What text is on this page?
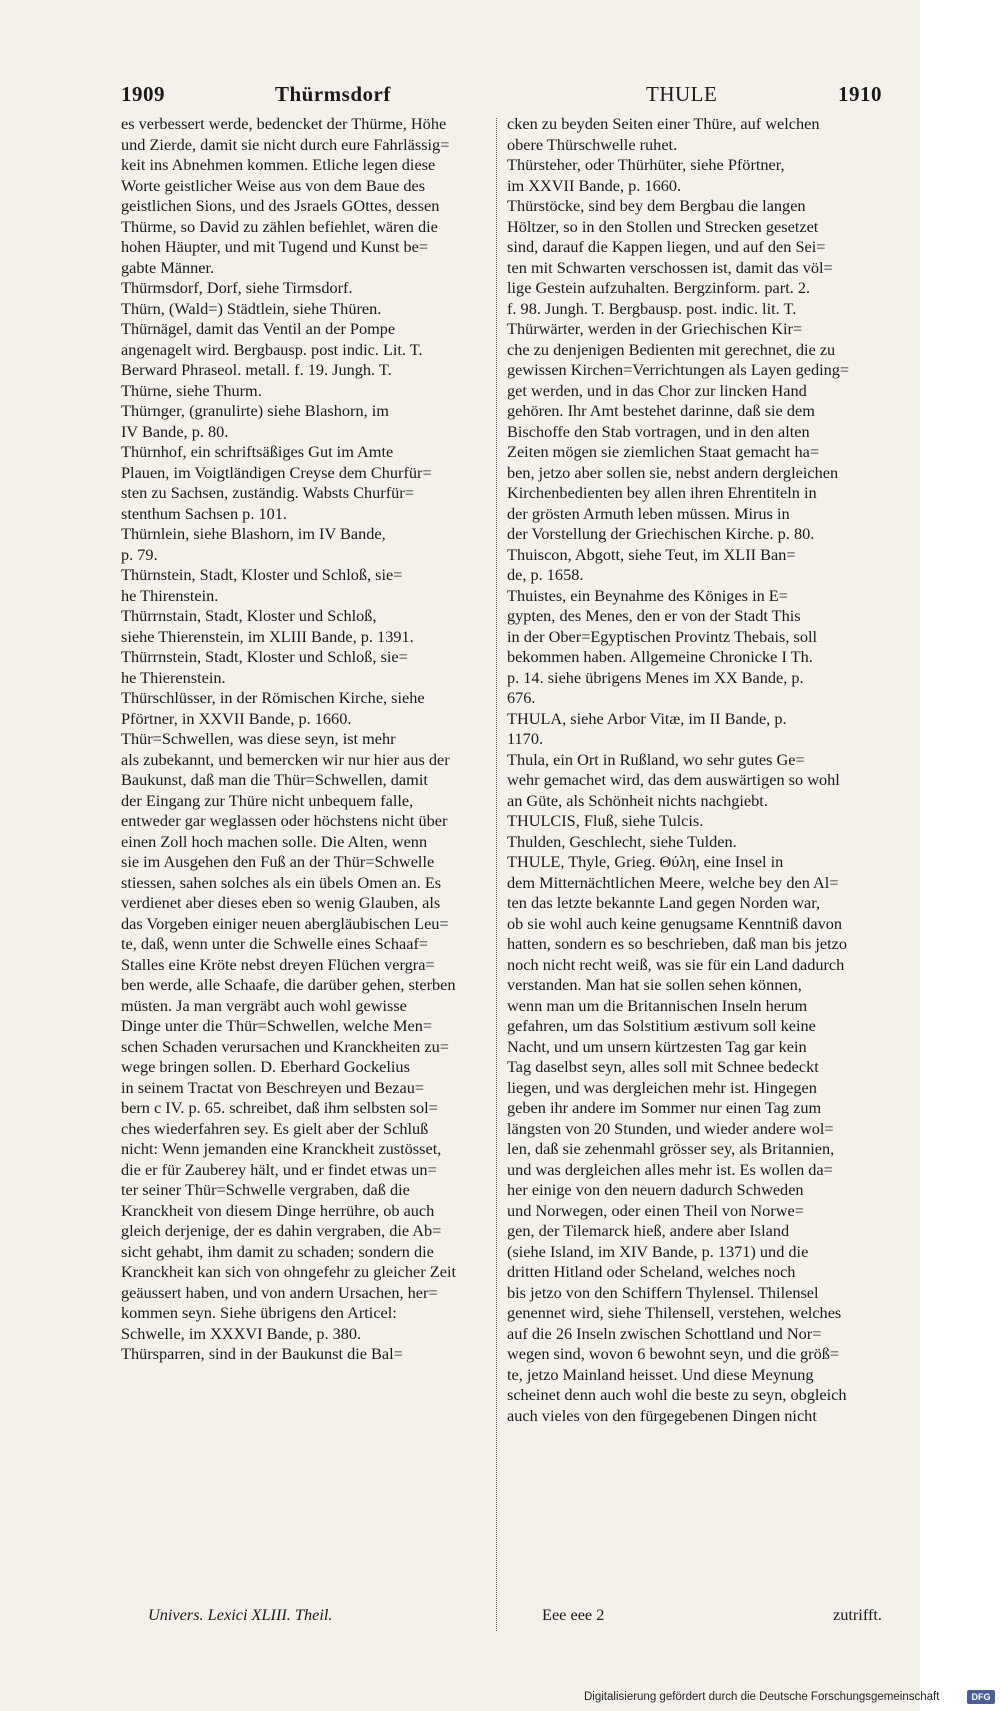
1909	Thürmsdorf	THULE	1910
es verbessert werde, bedencket der Thürme, Höhe
und Zierde, damit sie nicht durch eure Fahrlässig=
keit ins Abnehmen kommen. Etliche legen diese
Worte geistlicher Weise aus von dem Baue des
geistlichen Sions, und des Jsraels GOttes, dessen
Thürme, so David zu zählen befiehlet, wären die
hohen Häupter, und mit Tugend und Kunst be=
gabte Männer.
Thürmsdorf, Dorf, siehe Tirmsdorf.
Thürn, (Wald=) Städtlein, siehe Thüren.
Thürnägel, damit das Ventil an der Pompe
angenagelt wird. Bergbausp. post indic. Lit. T.
Berward Phraseol. metall. f. 19. Jungh. T.
Thürne, siehe Thurm.
Thürnger, (granulirte) siehe Blashorn, im
IV Bande, p. 80.
Thürnhof, ein schriftsäßiges Gut im Amte
Plauen, im Voigtländigen Creyse dem Churfür=
sten zu Sachsen, zuständig. Wabsts Churfür=
stenthum Sachsen p. 101.
Thürnlein, siehe Blashorn, im IV Bande,
p. 79.
Thürnstein, Stadt, Kloster und Schloß, sie=
he Thirenstein.
Thürrnstain, Stadt, Kloster und Schloß,
siehe Thierenstein, im XLIII Bande, p. 1391.
Thürrnstein, Stadt, Kloster und Schloß, sie=
he Thierenstein.
Thürschlüsser, in der Römischen Kirche, siehe
Pförtner, in XXVII Bande, p. 1660.
Thür=Schwellen, was diese seyn, ist mehr
als zubekannt, und bemercken wir nur hier aus der
Baukunst, daß man die Thür=Schwellen, damit
der Eingang zur Thüre nicht unbequem falle,
entweder gar weglassen oder höchstens nicht über
einen Zoll hoch machen solle. Die Alten, wenn
sie im Ausgehen den Fuß an der Thür=Schwelle
stiessen, sahen solches als ein übels Omen an. Es
verdienet aber dieses eben so wenig Glauben, als
das Vorgeben einiger neuen abergläubischen Leu=
te, daß, wenn unter die Schwelle eines Schaaf=
Stalles eine Kröte nebst dreyen Flüchen vergra=
ben werde, alle Schaafe, die darüber gehen, sterben
müsten. Ja man vergräbt auch wohl gewisse
Dinge unter die Thür=Schwellen, welche Men=
schen Schaden verursachen und Kranckheiten zu=
wege bringen sollen. D. Eberhard Gockelius
in seinem Tractat von Beschreyen und Bezau=
bern c IV. p. 65. schreibet, daß ihm selbsten sol=
ches wiederfahren sey. Es gielt aber der Schluß
nicht: Wenn jemanden eine Kranckheit zustösset,
die er für Zauberey hält, und er findet etwas un=
ter seiner Thür=Schwelle vergraben, daß die
Kranckheit von diesem Dinge herrühre, ob auch
gleich derjenige, der es dahin vergraben, die Ab=
sicht gehabt, ihm damit zu schaden; sondern die
Kranckheit kan sich von ohngefehr zu gleicher Zeit
geäussert haben, und von andern Ursachen, her=
kommen seyn. Siehe übrigens den Articel:
Schwelle, im XXXVI Bande, p. 380.
Thürsparren, sind in der Baukunst die Bal=
cken zu beyden Seiten einer Thüre, auf welchen
obere Thürschwelle ruhet.
Thürsteher, oder Thürhüter, siehe Pförtner,
im XXVII Bande, p. 1660.
Thürstöcke, sind bey dem Bergbau die langen
Höltzer, so in den Stollen und Strecken gesetzet
sind, darauf die Kappen liegen, und auf den Sei=
ten mit Schwarten verschossen ist, damit das völ=
lige Gestein aufzuhalten. Bergzinform. part. 2.
f. 98. Jungh. T. Bergbausp. post. indic. lit. T.
Thürwärter, werden in der Griechischen Kir=
che zu denjenigen Bedienten mit gerechnet, die zu
gewissen Kirchen=Verrichtungen als Layen geding=
get werden, und in das Chor zur lincken Hand
gehören. Ihr Amt bestehet darinne, daß sie dem
Bischoffe den Stab vortragen, und in den alten
Zeiten mögen sie ziemlichen Staat gemacht ha=
ben, jetzo aber sollen sie, nebst andern dergleichen
Kirchenbedienten bey allen ihren Ehrentiteln in
der grösten Armuth leben müssen. Mirus in
der Vorstellung der Griechischen Kirche. p. 80.
Thuiscon, Abgott, siehe Teut, im XLII Ban=
de, p. 1658.
Thuistes, ein Beynahme des Königes in E=
gypten, des Menes, den er von der Stadt This
in der Ober=Egyptischen Provintz Thebais, soll
bekommen haben. Allgemeine Chronicke I Th.
p. 14. siehe übrigens Menes im XX Bande, p.
676.
THULA, siehe Arbor Vitæ, im II Bande, p.
1170.
Thula, ein Ort in Rußland, wo sehr gutes Ge=
wehr gemachet wird, das dem auswärtigen so wohl
an Güte, als Schönheit nichts nachgiebt.
THULCIS, Fluß, siehe Tulcis.
Thulden, Geschlecht, siehe Tulden.
THULE, Thyle, Grieg. Θύλη, eine Insel in
dem Mitternächtlichen Meere, welche bey den Al=
ten das letzte bekannte Land gegen Norden war,
ob sie wohl auch keine genugsame Kenntniß davon
hatten, sondern es so beschrieben, daß man bis jetzo
noch nicht recht weiß, was sie für ein Land dadurch
verstanden. Man hat sie sollen sehen können,
wenn man um die Britannischen Inseln herum
gefahren, um das Solstitium æstivum soll keine
Nacht, und um unsern kürtzesten Tag gar kein
Tag daselbst seyn, alles soll mit Schnee bedeckt
liegen, und was dergleichen mehr ist. Hingegen
geben ihr andere im Sommer nur einen Tag zum
längsten von 20 Stunden, und wieder andere wol=
len, daß sie zehenmahl grösser sey, als Britannien,
und was dergleichen alles mehr ist. Es wollen da=
her einige von den neuern dadurch Schweden
und Norwegen, oder einen Theil von Norwe=
gen, der Tilemarck hieß, andere aber Island
(siehe Island, im XIV Bande, p. 1371) und die
dritten Hitland oder Scheland, welches noch
bis jetzo von den Schiffern Thylensel. Thilensel
genennet wird, siehe Thilensell, verstehen, welches
auf die 26 Inseln zwischen Schottland und Nor=
wegen sind, wovon 6 bewohnt seyn, und die größ=
te, jetzo Mainland heisset. Und diese Meynung
scheinet denn auch wohl die beste zu seyn, obgleich
auch vieles von den fürgegebenen Dingen nicht
Univers. Lexici XLIII. Theil.	Eee eee 2	zutrifft.
Digitalisierung gefördert durch die Deutsche Forschungsgemeinschaft	DFG
